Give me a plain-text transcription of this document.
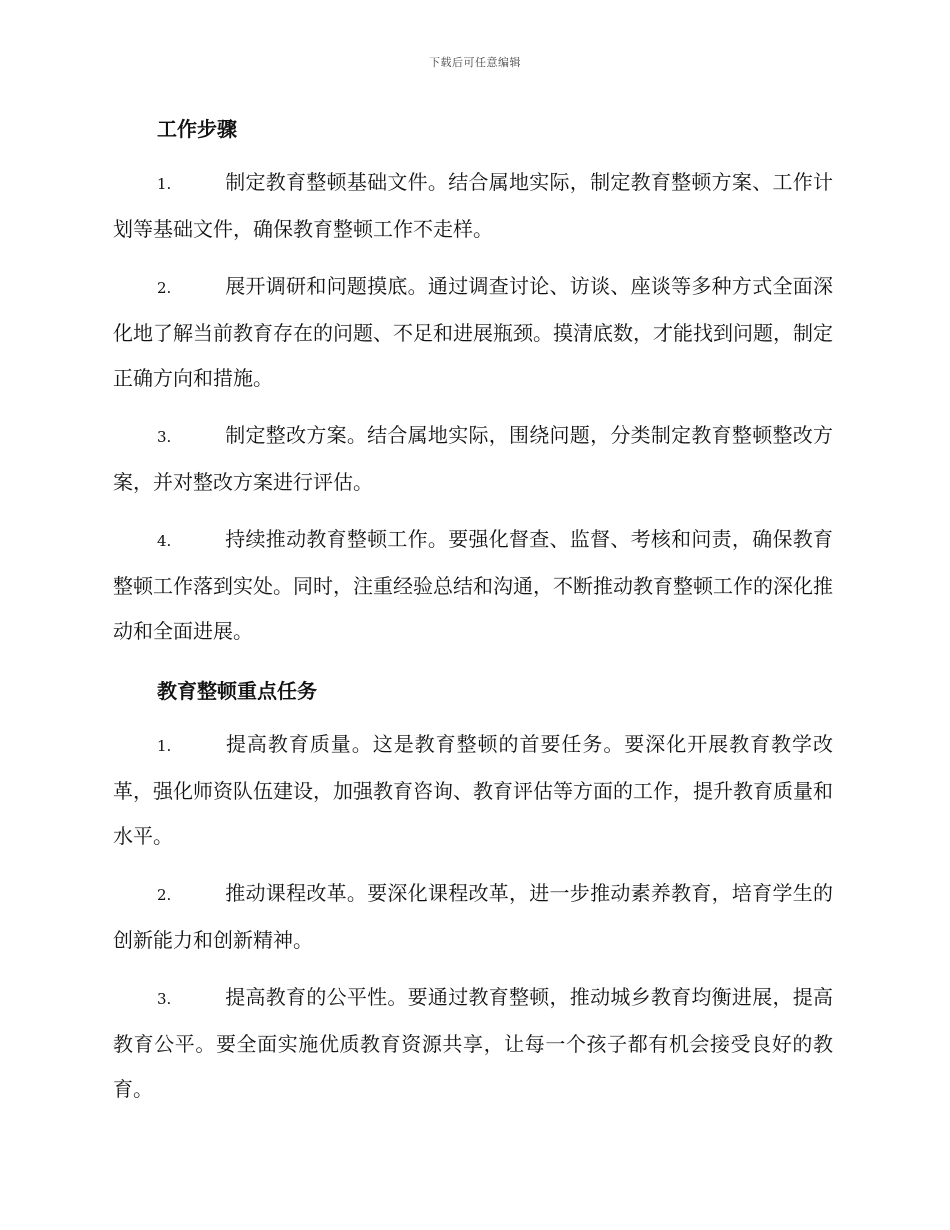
下载后可任意编辑
工作步骤

1.	制定教育整顿基础文件。结合属地实际，制定教育整顿方案、工作计划等基础文件，确保教育整顿工作不走样。

2.	展开调研和问题摸底。通过调查讨论、访谈、座谈等多种方式全面深化地了解当前教育存在的问题、不足和进展瓶颈。摸清底数，才能找到问题，制定正确方向和措施。

3.	制定整改方案。结合属地实际，围绕问题，分类制定教育整顿整改方案，并对整改方案进行评估。

4.	持续推动教育整顿工作。要强化督查、监督、考核和问责，确保教育整顿工作落到实处。同时，注重经验总结和沟通，不断推动教育整顿工作的深化推动和全面进展。

教育整顿重点任务

1.	提高教育质量。这是教育整顿的首要任务。要深化开展教育教学改革，强化师资队伍建设，加强教育咨询、教育评估等方面的工作，提升教育质量和水平。

2.	推动课程改革。要深化课程改革，进一步推动素养教育，培育学生的创新能力和创新精神。

3.	提高教育的公平性。要通过教育整顿，推动城乡教育均衡进展，提高教育公平。要全面实施优质教育资源共享，让每一个孩子都有机会接受良好的教育。
